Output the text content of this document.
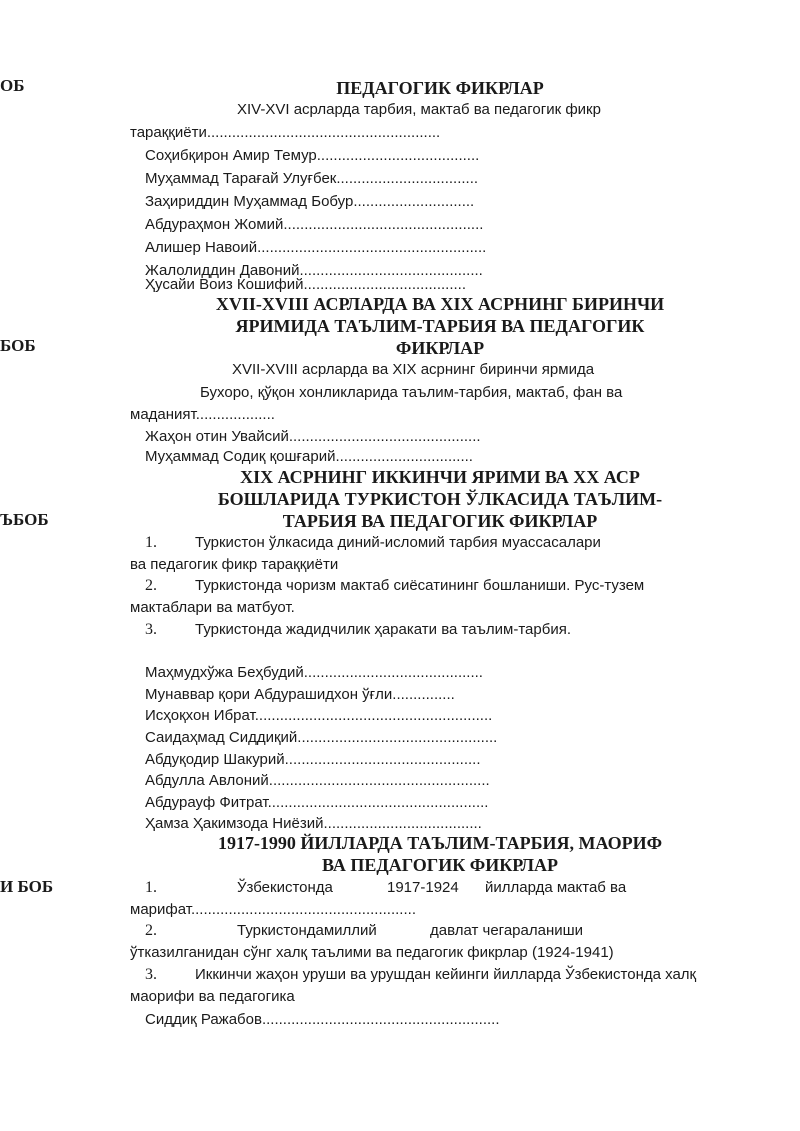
ОБ
БОБ
ЪБОБ
И БОБ
ПЕДАГОГИК ФИКРЛАР
XIV-XVI асрларда тарбия, мактаб ва педагогик фикр
тараққиёти........................................................
Соҳибқирон Амир Темур.......................................
Муҳаммад Тарағай Улуғбек..................................
Заҳириддин Муҳаммад Бобур.............................
Абдураҳмон Жомий................................................
Алишер Навоий.......................................................
Жалолиддин Давоний............................................
Ҳусайи Воиз Кошифий.......................................
XVII-XVIII АСРЛАРДА ВА XIX АСРНИНГ БИРИНЧИ
ЯРИМИДА ТАЪЛИМ-ТАРБИЯ ВА ПЕДАГОГИК
ФИКРЛАР
XVII-XVIII асрларда ва XIX асрнинг биринчи ярмида
Бухоро, қўқон хонликларида таълим-тарбия, мактаб, фан ва
маданият...................
Жаҳон отин Увайсий..............................................
Муҳаммад Содиқ қошғарий.................................
XIX АСРНИНГ ИККИНЧИ ЯРИМИ ВА XX АСР
БОШЛАРИДА ТУРКИСТОН ЎЛКАСИДА ТАЪЛИМ-
ТАРБИЯ ВА ПЕДАГОГИК ФИКРЛАР
1.	Туркистон ўлкасида диний-исломий тарбия муассасалари
ва педагогик фикр тараққиёти
2.	Туркистонда чоризм мактаб сиёсатининг бошланиши. Рус-тузем
мактаблари ва матбуот.
3.	Туркистонда жадидчилик ҳаракати ва таълим-тарбия.
Маҳмудхўжа Беҳбудий...........................................
Мунаввар қори Абдурашидхон ўғли...............
Исҳоқхон Ибрат.........................................................
Саидаҳмад Сиддиқий................................................
Абдуқодир Шакурий...............................................
Абдулла Авлоний.....................................................
Абдурауф Фитрат.....................................................
Ҳамза Ҳакимзода Ниёзий......................................
1917-1990 ЙИЛЛАРДА ТАЪЛИМ-ТАРБИЯ, МАОРИФ
ВА ПЕДАГОГИК ФИКРЛАР
1.	Ўзбекистонда	1917-1924 йилларда мактаб ва
марифат......................................................
2.	Туркистондамиллий	давлат чегараланиши
ўтказилганидан сўнг халқ таълими ва педагогик фикрлар (1924-1941)
3.	Иккинчи жаҳон уруши ва урушдан кейинги йилларда Ўзбекистонда халқ
маорифи ва педагогика
Сиддиқ Ражабов.........................................................
